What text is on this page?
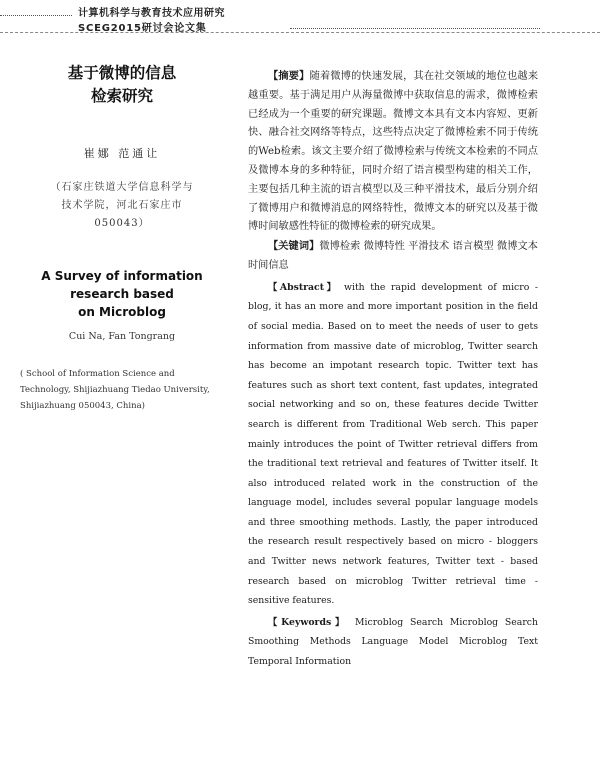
计算机科学与教育技术应用研究
SCEG2015研讨会论文集
基于微博的信息
检索研究
崔娜 范通让
（石家庄铁道大学信息科学与
技术学院，河北石家庄市
050043）
A Survey of information
research based
on Microblog
Cui Na, Fan Tongrang
( School of Information Science and Technology, Shijiazhuang Tiedao University, Shijiazhuang 050043, China)

【摘要】随着微博的快速发展，其在社交领域的地位也越来越重要。基于满足用户从海量微博中获取信息的需求，微博检索已经成为一个重要的研究课题。微博文本具有文本内容短、更新快、融合社交网络等特点，这些特点决定了微博检索不同于传统的Web检索。该文主要介绍了微博检索与传统文本检索的不同点及微博本身的多种特征，同时介绍了语言模型构建的相关工作，主要包括几种主流的语言模型以及三种平滑技术，最后分别介绍了微博用户和微博消息的网络特性，微博文本的研究以及基于微博时间敏感性特征的微博检索的研究成果。

【关键词】微博检索 微博特性 平滑技术 语言模型 微博文本 时间信息

【Abstract】 with the rapid development of micro - blog, it has an more and more important position in the field of social media. Based on to meet the needs of user to gets information from massive date of microblog, Twitter search has become an impotant research topic. Twitter text has features such as short text content, fast updates, integrated social networking and so on, these features decide Twitter search is different from Traditional Web serch. This paper mainly introduces the point of Twitter retrieval differs from the traditional text retrieval and features of Twitter itself. It also introduced related work in the construction of the language model, includes several popular language models and three smoothing methods. Lastly, the paper introduced the research result respectively based on micro - bloggers and Twitter news network features, Twitter text - based research based on microblog Twitter retrieval time - sensitive features.

【Keywords】 Microblog Search Microblog Search Smoothing Methods Language Model Microblog Text Temporal Information
